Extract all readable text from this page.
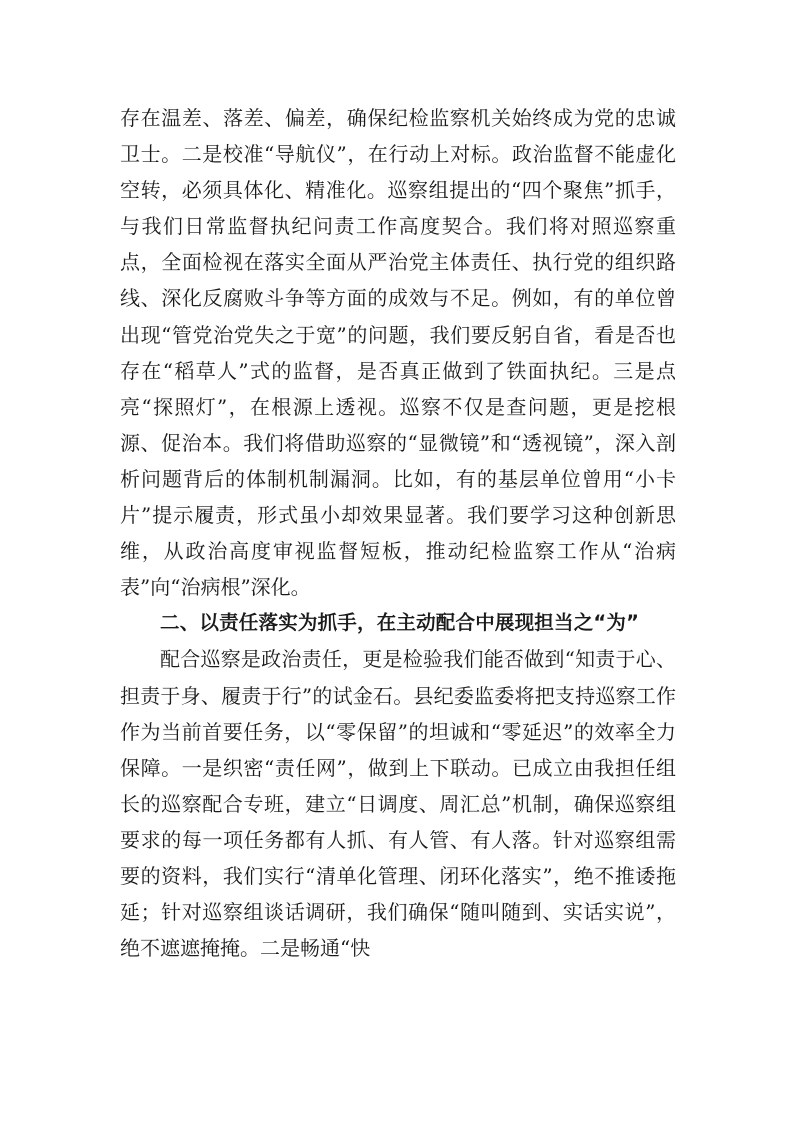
存在温差、落差、偏差，确保纪检监察机关始终成为党的忠诚卫士。二是校准“导航仪”，在行动上对标。政治监督不能虚化空转，必须具体化、精准化。巡察组提出的“四个聚焦”抓手，与我们日常监督执纪问责工作高度契合。我们将对照巡察重点，全面检视在落实全面从严治党主体责任、执行党的组织路线、深化反腐败斗争等方面的成效与不足。例如，有的单位曾出现“管党治党失之于宽”的问题，我们要反躬自省，看是否也存在“稻草人”式的监督，是否真正做到了铁面执纪。三是点亮“探照灯”，在根源上透视。巡察不仅是查问题，更是挖根源、促治本。我们将借助巡察的“显微镜”和“透视镜”，深入剖析问题背后的体制机制漏洞。比如，有的基层单位曾用“小卡片”提示履责，形式虽小却效果显著。我们要学习这种创新思维，从政治高度审视监督短板，推动纪检监察工作从“治病表”向“治病根”深化。

二、以责任落实为抓手，在主动配合中展现担当之“为”

配合巡察是政治责任，更是检验我们能否做到“知责于心、担责于身、履责于行”的试金石。县纪委监委将把支持巡察工作作为当前首要任务，以“零保留”的坦诚和“零延迟”的效率全力保障。一是织密“责任网”，做到上下联动。已成立由我担任组长的巡察配合专班，建立“日调度、周汇总”机制，确保巡察组要求的每一项任务都有人抓、有人管、有人落。针对巡察组需要的资料，我们实行“清单化管理、闭环化落实”，绝不推诿拖延；针对巡察组谈话调研，我们确保“随叫随到、实话实说”，绝不遮遮掩掩。二是畅通“快
